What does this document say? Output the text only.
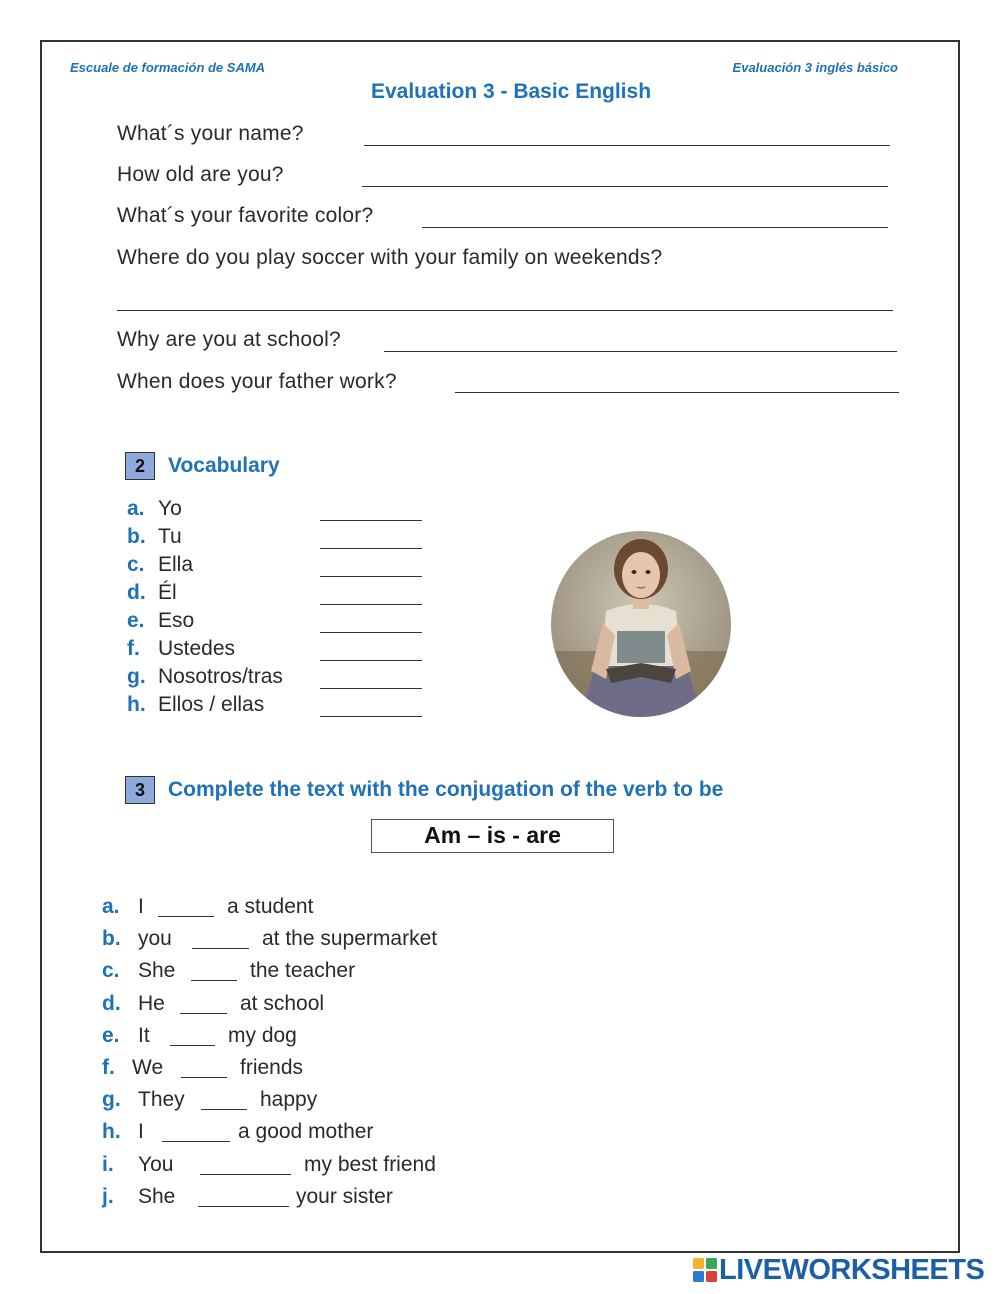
Escuale de formación de SAMA	Evaluación 3 inglés básico
Evaluation 3 - Basic English
What´s your name?
How old are you?
What´s your favorite color?
Where do you play soccer with your family on weekends?
Why are you at school?
When does your father work?
2	Vocabulary
a. Yo
b. Tu
c. Ella
d. Él
e. Eso
f. Ustedes
g. Nosotros/tras
h. Ellos / ellas
3	Complete the text with the conjugation of the verb to be
Am – is - are
a. I	a student
b. you	at the supermarket
c. She	the teacher
d. He	at school
e. It	my dog
f. We	friends
g. They	happy
h. I	a good mother
i. You	my best friend
j. She	your sister
LIVEWORKSHEETS
